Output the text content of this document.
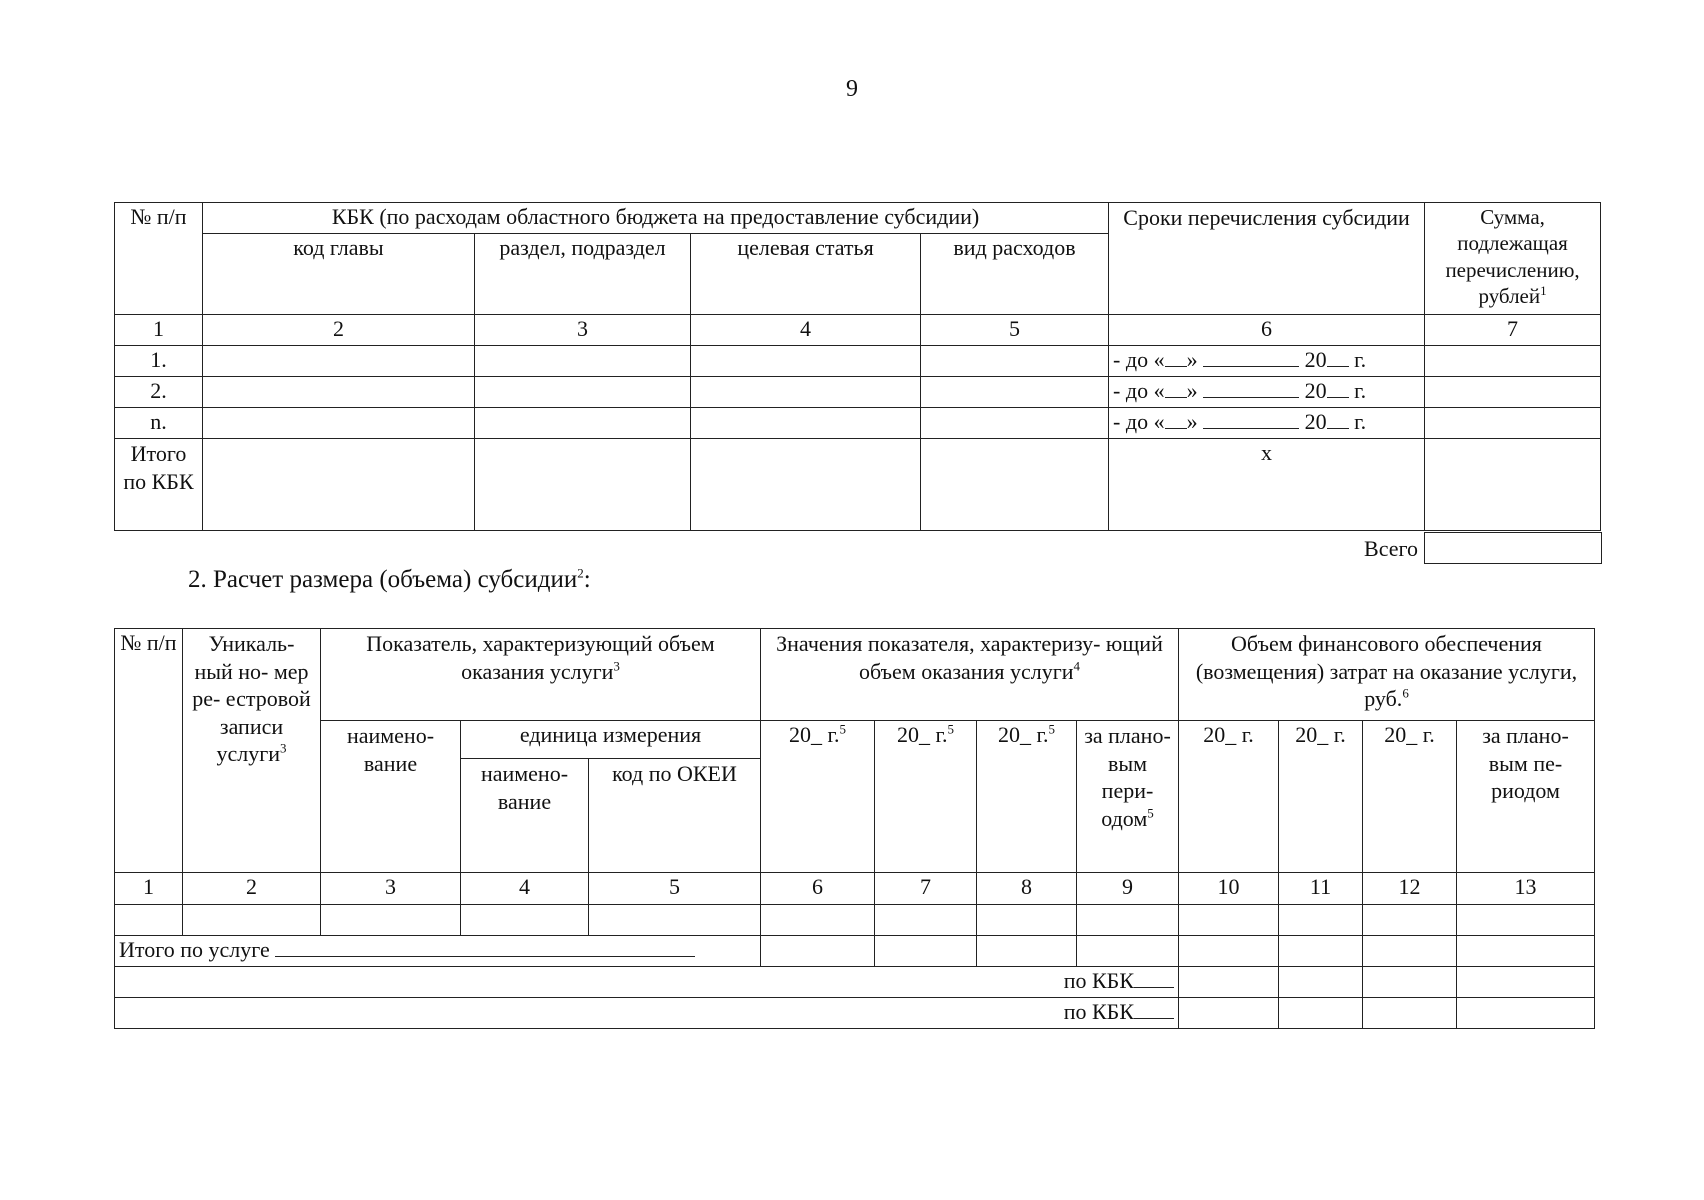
9
№ п/п	КБК (по расходам областного бюджета на предоставление субсидии)				Сроки перечисления субсидии	Сумма, подлежащая перечислению, рублей$^1$
	код главы	раздел, подраздел	целевая статья	вид расходов		
1	2	3	4	5	6	7
1.					- до « » 20 г.	
2.					- до « » 20 г.	
n.					- до « » 20 г.	
Итого по КБК					х	
Всего
2. Расчет размера (объема) субсидии$^2$:
№ п/п	Уникаль- ный но- мер ре- естровой записи услуги$^3$	Показатель, характеризующий объем оказания услуги$^3$			Значения показателя, характеризу- ющий объем оказания услуги$^4$				Объем финансового обеспечения (возмещения) затрат на оказание услуги, руб.$^6$
		наимено- вание	единица измерения		20_ г.$^5$	20_ г.$^5$	20_ г.$^5$	за плано- вым пери- одом$^5$	20_ г.	20_ г.	20_ г.	за плано- вым пе- риодом
			наимено- вание	код по ОКЕИ								
1	2	3	4	5	6	7	8	9	10	11	12	13

Итого по услуге												
по КБК												
по КБК												
